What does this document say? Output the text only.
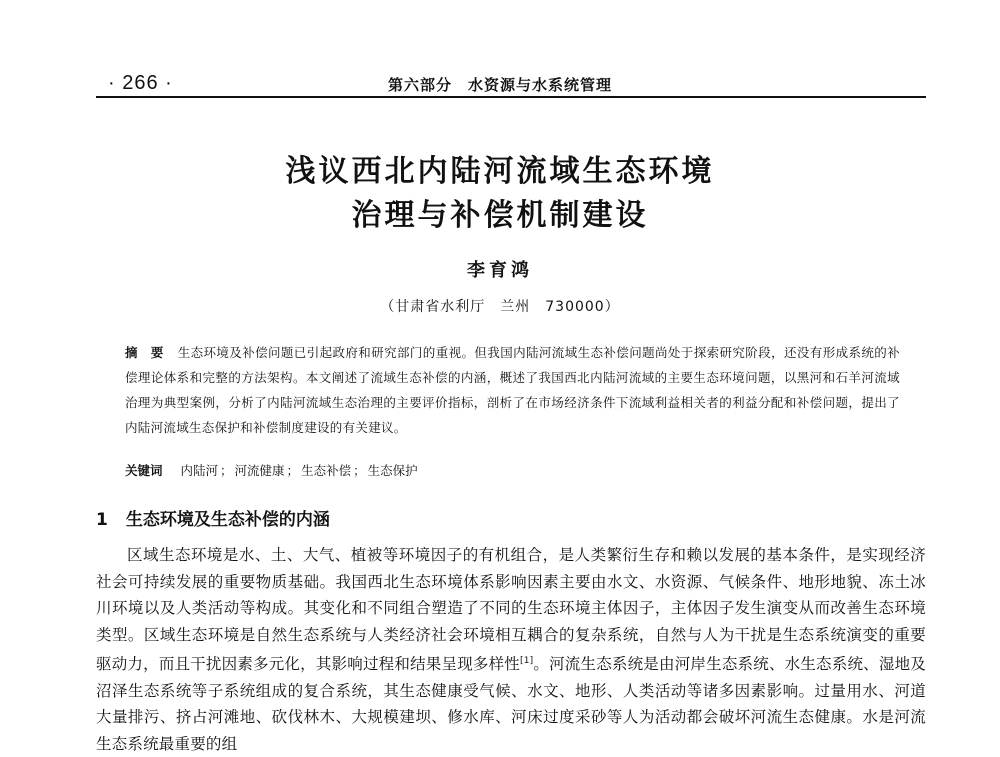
· 266 ·	第六部分　水资源与水系统管理
浅议西北内陆河流域生态环境
治理与补偿机制建设
李育鸿
（甘肃省水利厅　兰州　730000）
摘　要 生态环境及补偿问题已引起政府和研究部门的重视。但我国内陆河流域生态补偿问题尚处于探索研究阶段，还没有形成系统的补偿理论体系和完整的方法架构。本文阐述了流域生态补偿的内涵，概述了我国西北内陆河流域的主要生态环境问题，以黑河和石羊河流域治理为典型案例，分析了内陆河流域生态治理的主要评价指标，剖析了在市场经济条件下流域利益相关者的利益分配和补偿问题，提出了内陆河流域生态保护和补偿制度建设的有关建议。
关键词 内陆河 ； 河流健康 ； 生态补偿 ； 生态保护
1 生态环境及生态补偿的内涵
区域生态环境是水、土、大气、植被等环境因子的有机组合，是人类繁衍生存和赖以发展的基本条件，是实现经济社会可持续发展的重要物质基础。我国西北生态环境体系影响因素主要由水文、水资源、气候条件、地形地貌、冻土冰川环境以及人类活动等构成。其变化和不同组合塑造了不同的生态环境主体因子，主体因子发生演变从而改善生态环境类型。区域生态环境是自然生态系统与人类经济社会环境相互耦合的复杂系统，自然与人为干扰是生态系统演变的重要驱动力，而且干扰因素多元化，其影响过程和结果呈现多样性[1]。河流生态系统是由河岸生态系统、水生态系统、湿地及沼泽生态系统等子系统组成的复合系统，其生态健康受气候、水文、地形、人类活动等诸多因素影响。过量用水、河道大量排污、挤占河滩地、砍伐林木、大规模建坝、修水库、河床过度采砂等人为活动都会破坏河流生态健康。水是河流生态系统最重要的组
